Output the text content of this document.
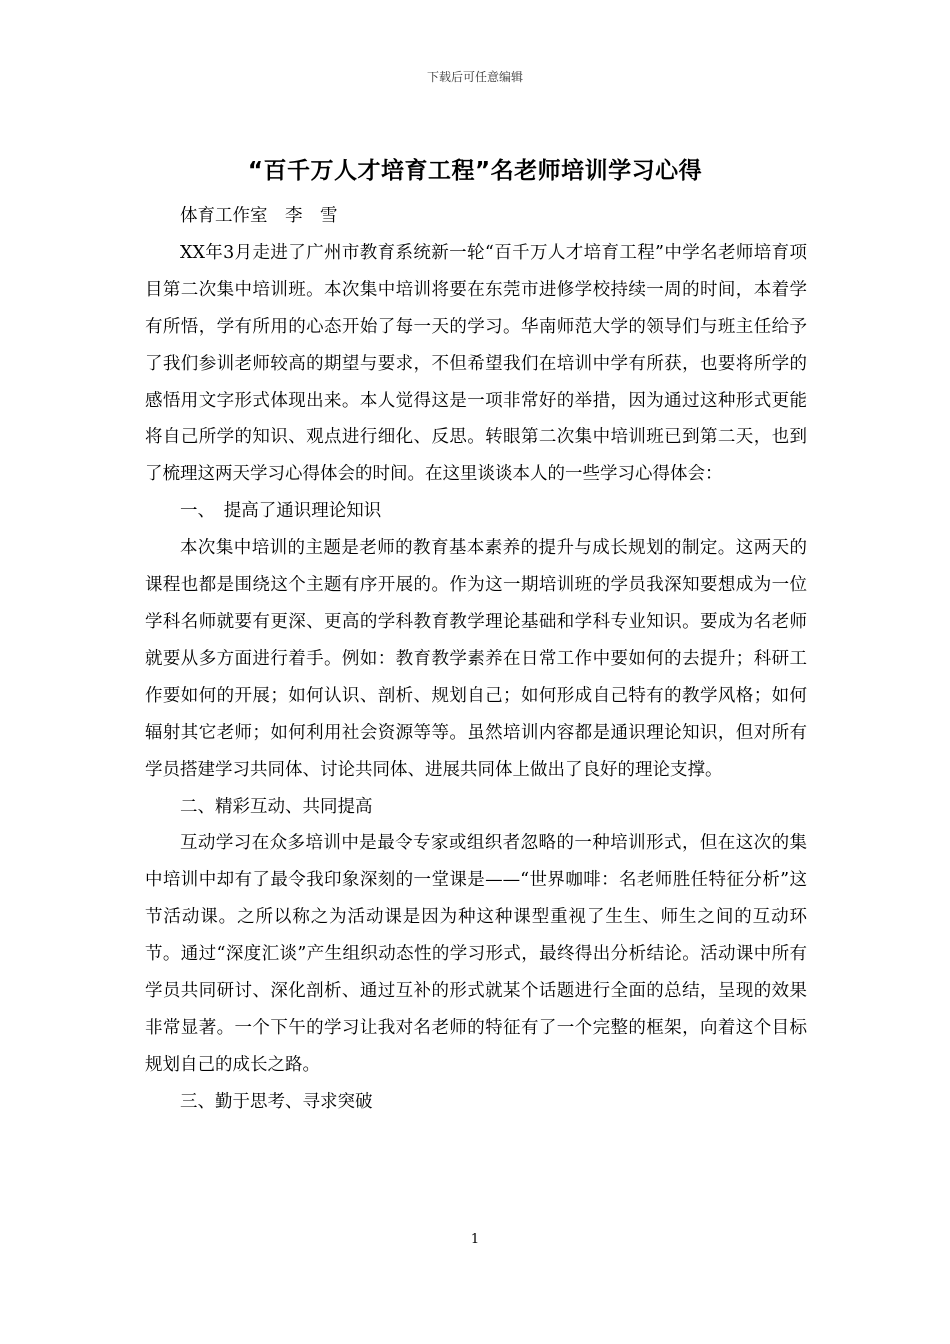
下载后可任意编辑
“百千万人才培育工程”名老师培训学习心得

体育工作室　李　雪

XX年3月走进了广州市教育系统新一轮“百千万人才培育工程”中学名老师培育项目第二次集中培训班。本次集中培训将要在东莞市进修学校持续一周的时间，本着学有所悟，学有所用的心态开始了每一天的学习。华南师范大学的领导们与班主任给予了我们参训老师较高的期望与要求，不但希望我们在培训中学有所获，也要将所学的感悟用文字形式体现出来。本人觉得这是一项非常好的举措，因为通过这种形式更能将自己所学的知识、观点进行细化、反思。转眼第二次集中培训班已到第二天，也到了梳理这两天学习心得体会的时间。在这里谈谈本人的一些学习心得体会：

一、　提高了通识理论知识

本次集中培训的主题是老师的教育基本素养的提升与成长规划的制定。这两天的课程也都是围绕这个主题有序开展的。作为这一期培训班的学员我深知要想成为一位学科名师就要有更深、更高的学科教育教学理论基础和学科专业知识。要成为名老师就要从多方面进行着手。例如：教育教学素养在日常工作中要如何的去提升；科研工作要如何的开展；如何认识、剖析、规划自己；如何形成自己特有的教学风格；如何辐射其它老师；如何利用社会资源等等。虽然培训内容都是通识理论知识，但对所有学员搭建学习共同体、讨论共同体、进展共同体上做出了良好的理论支撑。

二、精彩互动、共同提高

互动学习在众多培训中是最令专家或组织者忽略的一种培训形式，但在这次的集中培训中却有了最令我印象深刻的一堂课是——“世界咖啡：名老师胜任特征分析”这节活动课。之所以称之为活动课是因为种这种课型重视了生生、师生之间的互动环节。通过“深度汇谈”产生组织动态性的学习形式，最终得出分析结论。活动课中所有学员共同研讨、深化剖析、通过互补的形式就某个话题进行全面的总结，呈现的效果非常显著。一个下午的学习让我对名老师的特征有了一个完整的框架，向着这个目标规划自己的成长之路。

三、勤于思考、寻求突破

1
